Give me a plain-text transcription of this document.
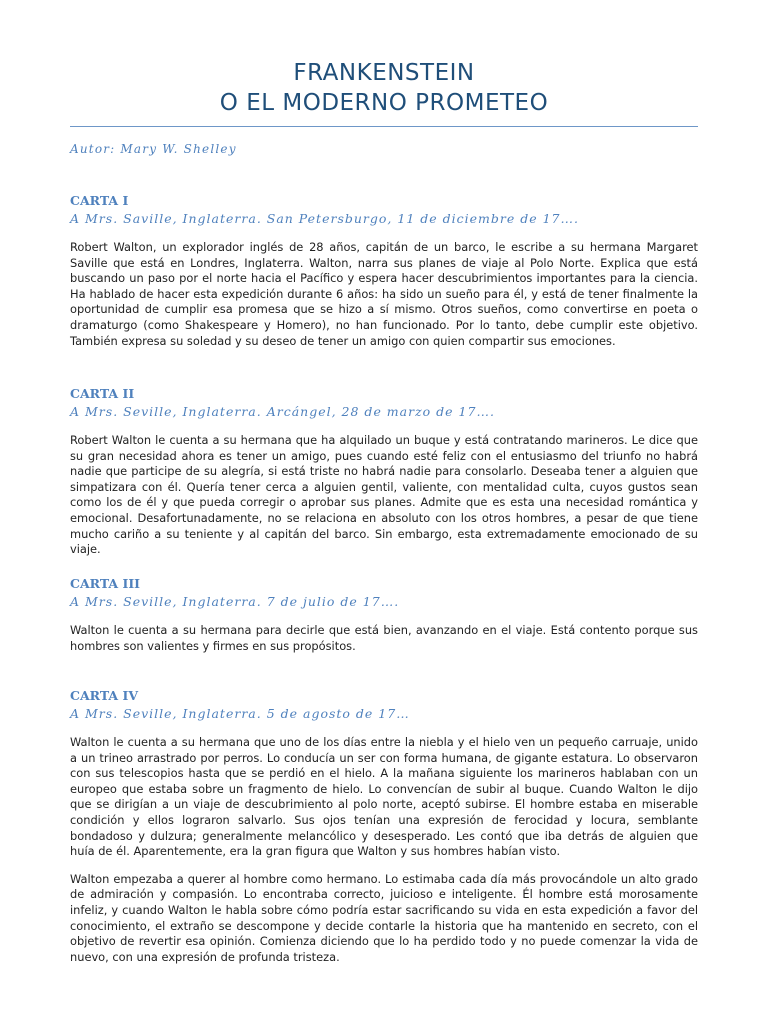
FRANKENSTEIN
O EL MODERNO PROMETEO
Autor: Mary W. Shelley
CARTA I
A Mrs. Saville, Inglaterra. San Petersburgo, 11 de diciembre de 17….

Robert Walton, un explorador inglés de 28 años, capitán de un barco, le escribe a su hermana Margaret Saville que está en Londres, Inglaterra. Walton, narra sus planes de viaje al Polo Norte. Explica que está buscando un paso por el norte hacia el Pacífico y espera hacer descubrimientos importantes para la ciencia. Ha hablado de hacer esta expedición durante 6 años: ha sido un sueño para él, y está de tener finalmente la oportunidad de cumplir esa promesa que se hizo a sí mismo. Otros sueños, como convertirse en poeta o dramaturgo (como Shakespeare y Homero), no han funcionado. Por lo tanto, debe cumplir este objetivo. También expresa su soledad y su deseo de tener un amigo con quien compartir sus emociones.

CARTA II
A Mrs. Seville, Inglaterra. Arcángel, 28 de marzo de 17….

Robert Walton le cuenta a su hermana que ha alquilado un buque y está contratando marineros. Le dice que su gran necesidad ahora es tener un amigo, pues cuando esté feliz con el entusiasmo del triunfo no habrá nadie que participe de su alegría, si está triste no habrá nadie para consolarlo. Deseaba tener a alguien que simpatizara con él. Quería tener cerca a alguien gentil, valiente, con mentalidad culta, cuyos gustos sean como los de él y que pueda corregir o aprobar sus planes. Admite que es esta una necesidad romántica y emocional. Desafortunadamente, no se relaciona en absoluto con los otros hombres, a pesar de que tiene mucho cariño a su teniente y al capitán del barco. Sin embargo, esta extremadamente emocionado de su viaje.

CARTA III
A Mrs. Seville, Inglaterra. 7 de julio de 17….

Walton le cuenta a su hermana para decirle que está bien, avanzando en el viaje. Está contento porque sus hombres son valientes y firmes en sus propósitos.

CARTA IV
A Mrs. Seville, Inglaterra. 5 de agosto de 17…

Walton le cuenta a su hermana que uno de los días entre la niebla y el hielo ven un pequeño carruaje, unido a un trineo arrastrado por perros. Lo conducía un ser con forma humana, de gigante estatura. Lo observaron con sus telescopios hasta que se perdió en el hielo. A la mañana siguiente los marineros hablaban con un europeo que estaba sobre un fragmento de hielo. Lo convencían de subir al buque. Cuando Walton le dijo que se dirigían a un viaje de descubrimiento al polo norte, aceptó subirse. El hombre estaba en miserable condición y ellos lograron salvarlo. Sus ojos tenían una expresión de ferocidad y locura, semblante bondadoso y dulzura; generalmente melancólico y desesperado. Les contó que iba detrás de alguien que huía de él. Aparentemente, era la gran figura que Walton y sus hombres habían visto.

Walton empezaba a querer al hombre como hermano. Lo estimaba cada día más provocándole un alto grado de admiración y compasión. Lo encontraba correcto, juicioso e inteligente. Él hombre está morosamente infeliz, y cuando Walton le habla sobre cómo podría estar sacrificando su vida en esta expedición a favor del conocimiento, el extraño se descompone y decide contarle la historia que ha mantenido en secreto, con el objetivo de revertir esa opinión. Comienza diciendo que lo ha perdido todo y no puede comenzar la vida de nuevo, con una expresión de profunda tristeza.
